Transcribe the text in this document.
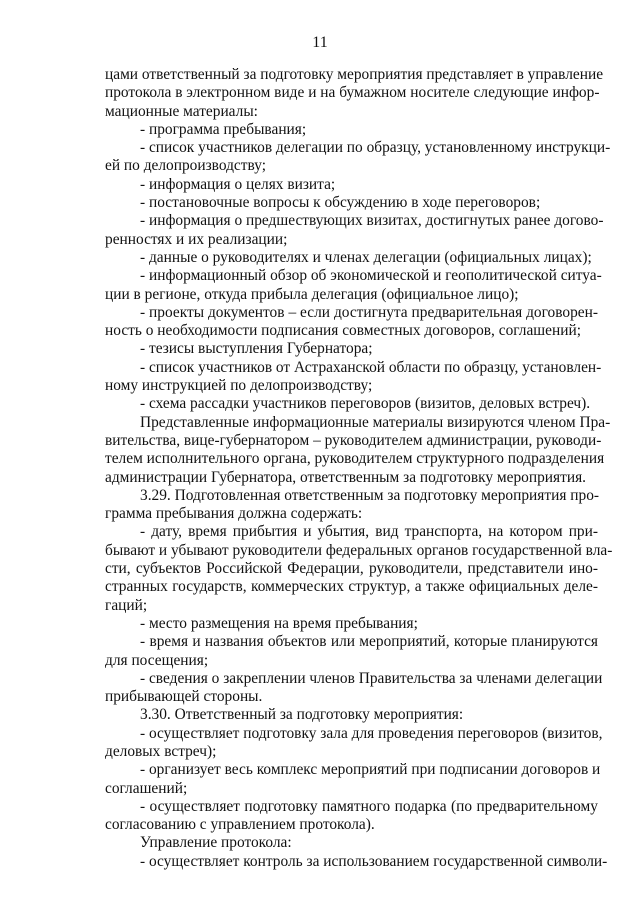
11
цами ответственный за подготовку мероприятия представляет в управление
протокола в электронном виде и на бумажном носителе следующие инфор-
мационные материалы:
- программа пребывания;
- список участников делегации по образцу, установленному инструкци-
ей по делопроизводству;
- информация о целях визита;
- постановочные вопросы к обсуждению в ходе переговоров;
- информация о предшествующих визитах, достигнутых ранее догово-
ренностях и их реализации;
- данные о руководителях и членах делегации (официальных лицах);
- информационный обзор об экономической и геополитической ситуа-
ции в регионе, откуда прибыла делегация (официальное лицо);
- проекты документов – если достигнута предварительная договорен-
ность о необходимости подписания совместных договоров, соглашений;
- тезисы выступления Губернатора;
- список участников от Астраханской области по образцу, установлен-
ному инструкцией по делопроизводству;
- схема рассадки участников переговоров (визитов, деловых встреч).
Представленные информационные материалы визируются членом Пра-
вительства, вице-губернатором – руководителем администрации, руководи-
телем исполнительного органа, руководителем структурного подразделения
администрации Губернатора, ответственным за подготовку мероприятия.
3.29. Подготовленная ответственным за подготовку мероприятия про-
грамма пребывания должна содержать:
- дату, время прибытия и убытия, вид транспорта, на котором при-
бывают и убывают руководители федеральных органов государственной вла-
сти, субъектов Российской Федерации, руководители, представители ино-
странных государств, коммерческих структур, а также официальных деле-
гаций;
- место размещения на время пребывания;
- время и названия объектов или мероприятий, которые планируются
для посещения;
- сведения о закреплении членов Правительства за членами делегации
прибывающей стороны.
3.30. Ответственный за подготовку мероприятия:
- осуществляет подготовку зала для проведения переговоров (визитов,
деловых встреч);
- организует весь комплекс мероприятий при подписании договоров и
соглашений;
- осуществляет подготовку памятного подарка (по предварительному
согласованию с управлением протокола).
Управление протокола:
- осуществляет контроль за использованием государственной символи-
